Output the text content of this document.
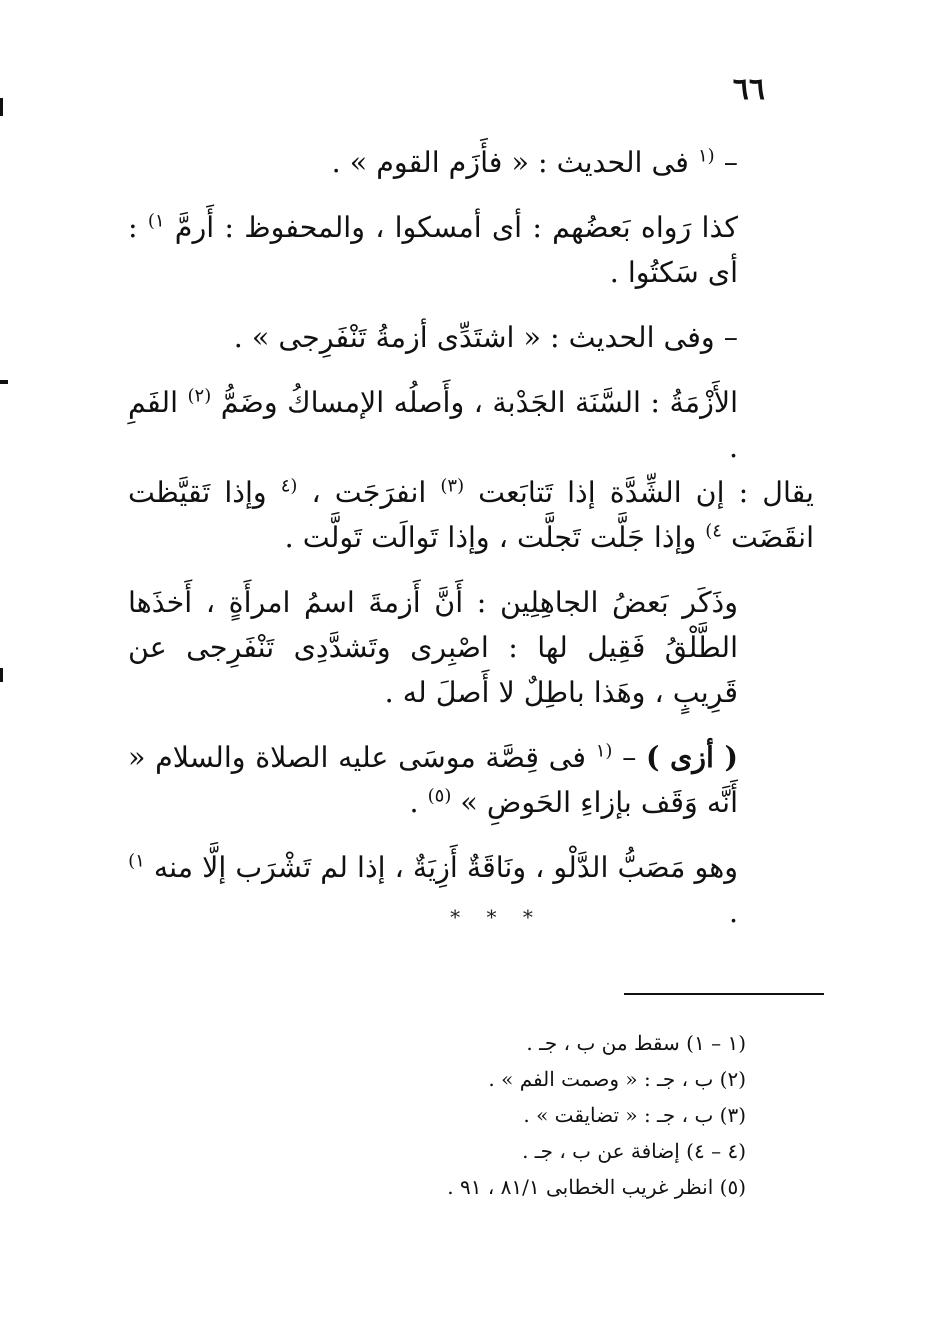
٦٦

– $^{(١}$ فى الحديث : « فأَزَم القوم » .

كذا رَواه بَعضُهم : أى أمسكوا ، والمحفوظ : أَرمَّ $^{١)}$ : أى سَكتُوا .

– وفى الحديث : « اشتَدِّى أزمةُ تَنْفَرِجى » .

الأَزْمَةُ : السَّنَة الجَدْبة ، وأَصلُه الإمساكُ وضَمُّ $^{(٢)}$ الفَمِ .

يقال : إن الشِّدَّة إذا تَتابَعت $^{(٣)}$ انفرَجَت ، $^{(٤}$ وإذا تَقيَّظت انقَضَت $^{٤)}$ وإذا جَلَّت تَجلَّت ، وإذا تَوالَت تَولَّت .

وذَكَر بَعضُ الجاهِلِين : أَنَّ أَزمةَ اسمُ امرأَةٍ ، أَخذَها الطَّلْقُ فَقِيل لها : اصْبِرى وتَشدَّدِى تَنْفَرِجى عن قَرِيبٍ ، وهَذا باطِلٌ لا أَصلَ له .

( أزى ) – $^{(١}$ فى قِصَّة موسَى عليه الصلاة والسلام « أَنَّه وَقَف بإزاءِ الحَوضِ » $^{(٥)}$ .

وهو مَصَبُّ الدَّلْو ، ونَاقَةٌ أَزِيَةٌ ، إذا لم تَشْرَب إلَّا منه $^{١)}$ .

* * *
(١ – ١) سقط من ب ، جـ .
(٢) ب ، جـ : « وصمت الفم » .
(٣) ب ، جـ : « تضايقت » .
(٤ – ٤) إضافة عن ب ، جـ .
(٥) انظر غريب الخطابى ٨١/١ ، ٩١ .
